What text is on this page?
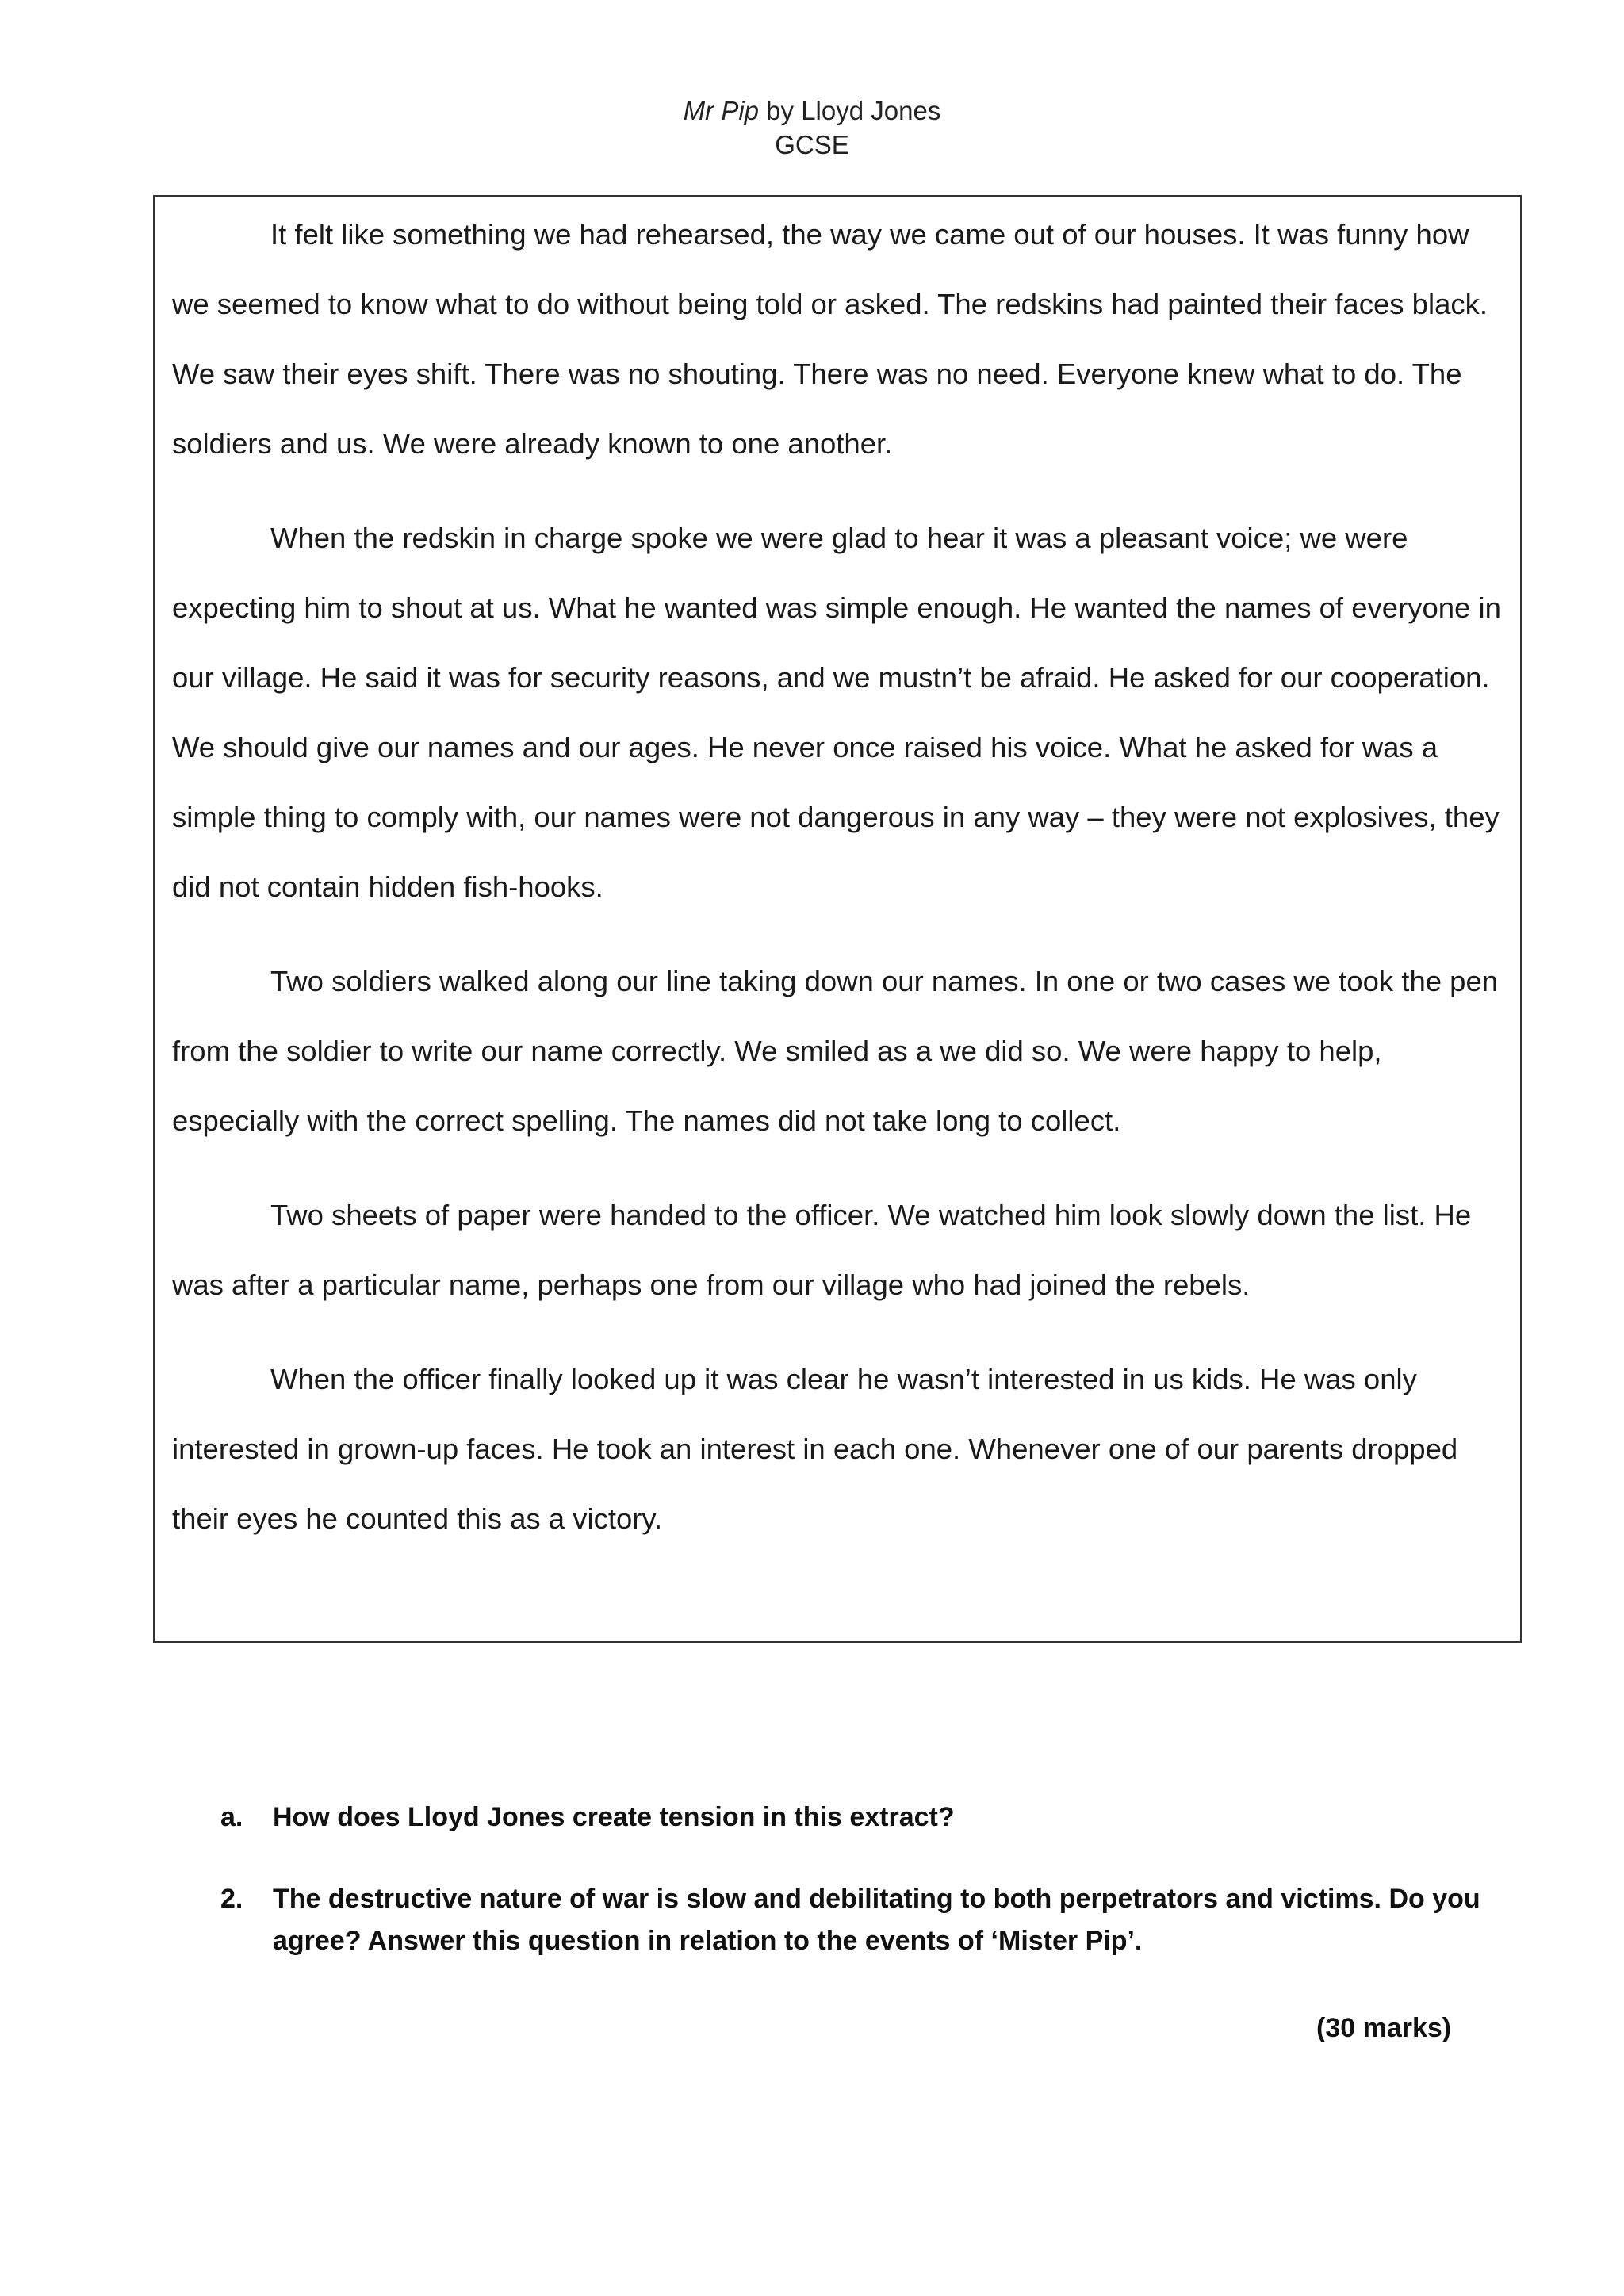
Mr Pip by Lloyd Jones
GCSE

It felt like something we had rehearsed, the way we came out of our houses. It was funny how we seemed to know what to do without being told or asked. The redskins had painted their faces black. We saw their eyes shift. There was no shouting. There was no need. Everyone knew what to do. The soldiers and us. We were already known to one another.

When the redskin in charge spoke we were glad to hear it was a pleasant voice; we were expecting him to shout at us. What he wanted was simple enough. He wanted the names of everyone in our village. He said it was for security reasons, and we mustn’t be afraid. He asked for our cooperation. We should give our names and our ages. He never once raised his voice. What he asked for was a simple thing to comply with, our names were not dangerous in any way – they were not explosives, they did not contain hidden fish-hooks.

Two soldiers walked along our line taking down our names. In one or two cases we took the pen from the soldier to write our name correctly. We smiled as a we did so. We were happy to help, especially with the correct spelling. The names did not take long to collect.

Two sheets of paper were handed to the officer. We watched him look slowly down the list. He was after a particular name, perhaps one from our village who had joined the rebels.

When the officer finally looked up it was clear he wasn’t interested in us kids. He was only interested in grown-up faces. He took an interest in each one. Whenever one of our parents dropped their eyes he counted this as a victory.

a. How does Lloyd Jones create tension in this extract?

2. The destructive nature of war is slow and debilitating to both perpetrators and victims. Do you agree? Answer this question in relation to the events of ‘Mister Pip’.

(30 marks)
